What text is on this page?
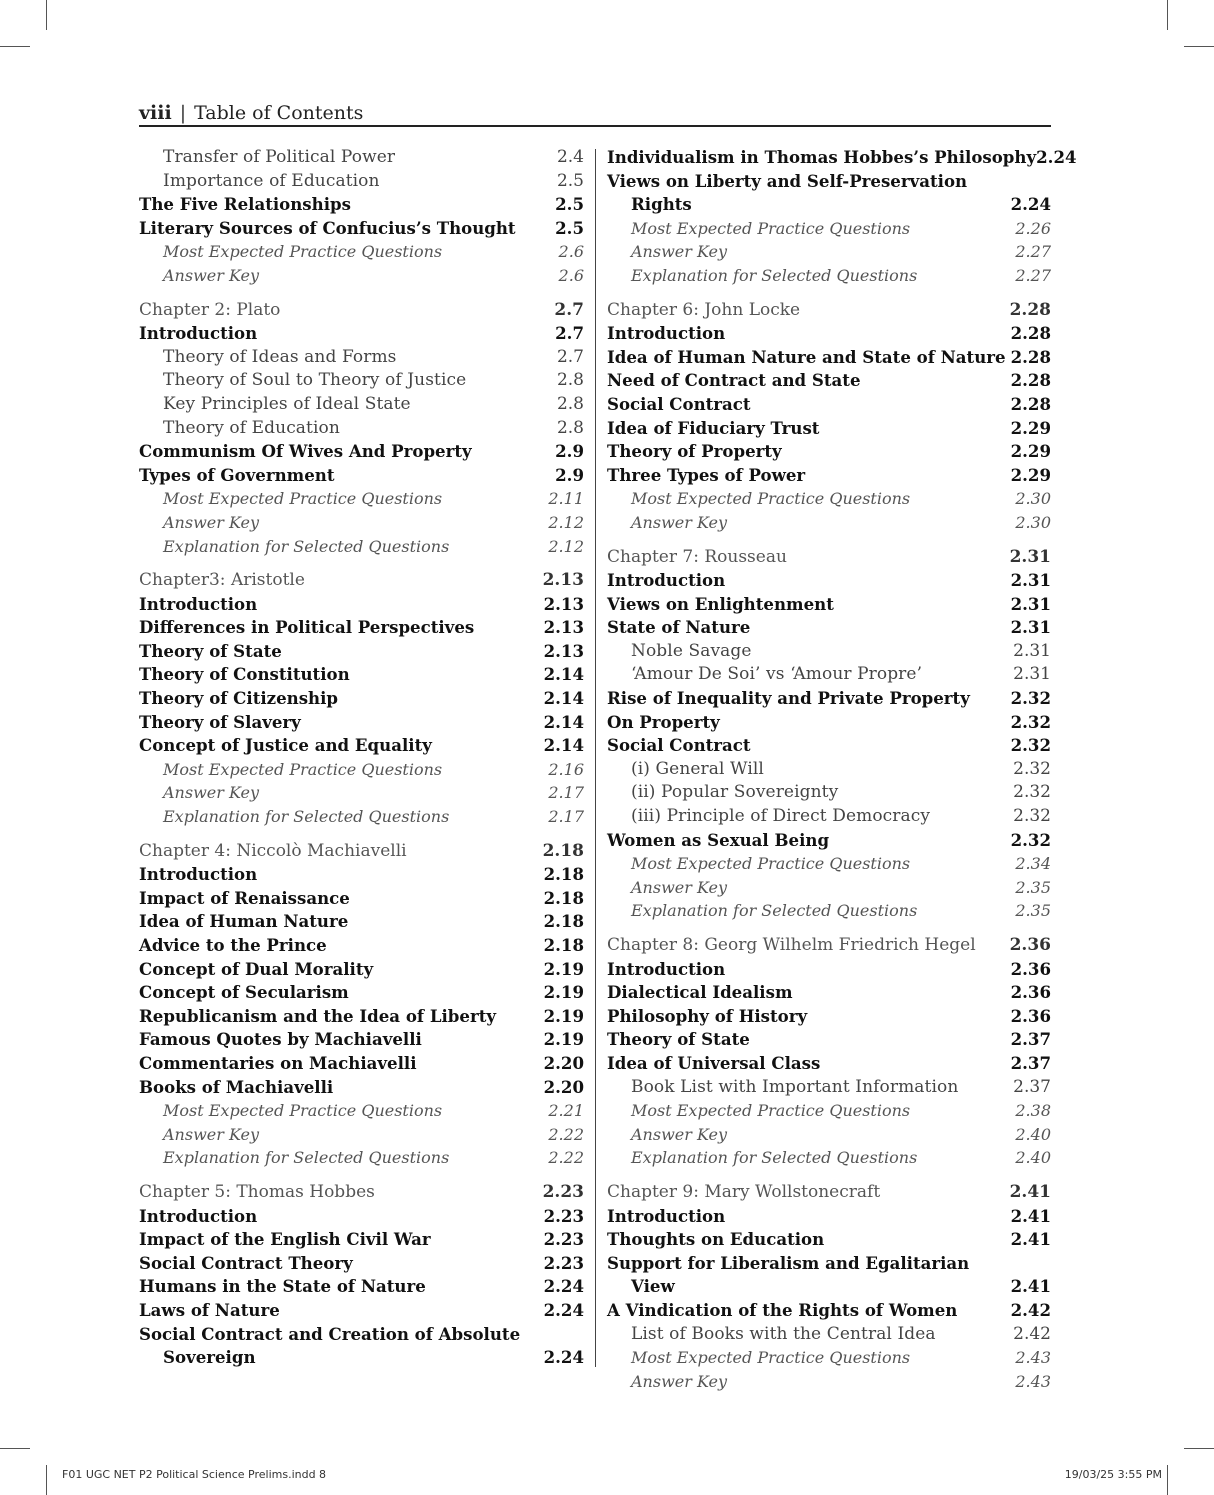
viii | Table of Contents
Transfer of Political Power	2.4
Importance of Education	2.5
The Five Relationships	2.5
Literary Sources of Confucius’s Thought 2.5
Most Expected Practice Questions	2.6
Answer Key	2.6
Chapter 2: Plato	2.7
Introduction	2.7
Theory of Ideas and Forms	2.7
Theory of Soul to Theory of Justice	2.8
Key Principles of Ideal State	2.8
Theory of Education	2.8
Communism Of Wives And Property	2.9
Types of Government	2.9
Most Expected Practice Questions	2.11
Answer Key	2.12
Explanation for Selected Questions	2.12
Chapter3: Aristotle	2.13
Introduction	2.13
Differences in Political Perspectives	2.13
Theory of State	2.13
Theory of Constitution	2.14
Theory of Citizenship	2.14
Theory of Slavery	2.14
Concept of Justice and Equality	2.14
Most Expected Practice Questions	2.16
Answer Key	2.17
Explanation for Selected Questions	2.17
Chapter 4: Niccolò Machiavelli	2.18
Introduction	2.18
Impact of Renaissance	2.18
Idea of Human Nature	2.18
Advice to the Prince	2.18
Concept of Dual Morality	2.19
Concept of Secularism	2.19
Republicanism and the Idea of Liberty	2.19
Famous Quotes by Machiavelli	2.19
Commentaries on Machiavelli	2.20
Books of Machiavelli	2.20
Most Expected Practice Questions	2.21
Answer Key	2.22
Explanation for Selected Questions	2.22
Chapter 5: Thomas Hobbes	2.23
Introduction	2.23
Impact of the English Civil War	2.23
Social Contract Theory	2.23
Humans in the State of Nature	2.24
Laws of Nature	2.24
Social Contract and Creation of Absolute
Sovereign	2.24
Individualism in Thomas Hobbes’s Philosophy 2.24
Views on Liberty and Self-Preservation
Rights	2.24
Most Expected Practice Questions	2.26
Answer Key	2.27
Explanation for Selected Questions	2.27
Chapter 6: John Locke	2.28
Introduction	2.28
Idea of Human Nature and State of Nature 2.28
Need of Contract and State	2.28
Social Contract	2.28
Idea of Fiduciary Trust	2.29
Theory of Property	2.29
Three Types of Power	2.29
Most Expected Practice Questions	2.30
Answer Key	2.30
Chapter 7: Rousseau	2.31
Introduction	2.31
Views on Enlightenment	2.31
State of Nature	2.31
Noble Savage	2.31
‘Amour De Soi’ vs ‘Amour Propre’	2.31
Rise of Inequality and Private Property 2.32
On Property	2.32
Social Contract	2.32
(i) General Will	2.32
(ii) Popular Sovereignty	2.32
(iii) Principle of Direct Democracy	2.32
Women as Sexual Being	2.32
Most Expected Practice Questions	2.34
Answer Key	2.35
Explanation for Selected Questions	2.35
Chapter 8: Georg Wilhelm Friedrich Hegel 2.36
Introduction	2.36
Dialectical Idealism	2.36
Philosophy of History	2.36
Theory of State	2.37
Idea of Universal Class	2.37
Book List with Important Information	2.37
Most Expected Practice Questions	2.38
Answer Key	2.40
Explanation for Selected Questions	2.40
Chapter 9: Mary Wollstonecraft	2.41
Introduction	2.41
Thoughts on Education	2.41
Support for Liberalism and Egalitarian
View	2.41
A Vindication of the Rights of Women	2.42
List of Books with the Central Idea	2.42
Most Expected Practice Questions	2.43
Answer Key	2.43
F01 UGC NET P2 Political Science Prelims.indd 8	19/03/25 3:55 PM
